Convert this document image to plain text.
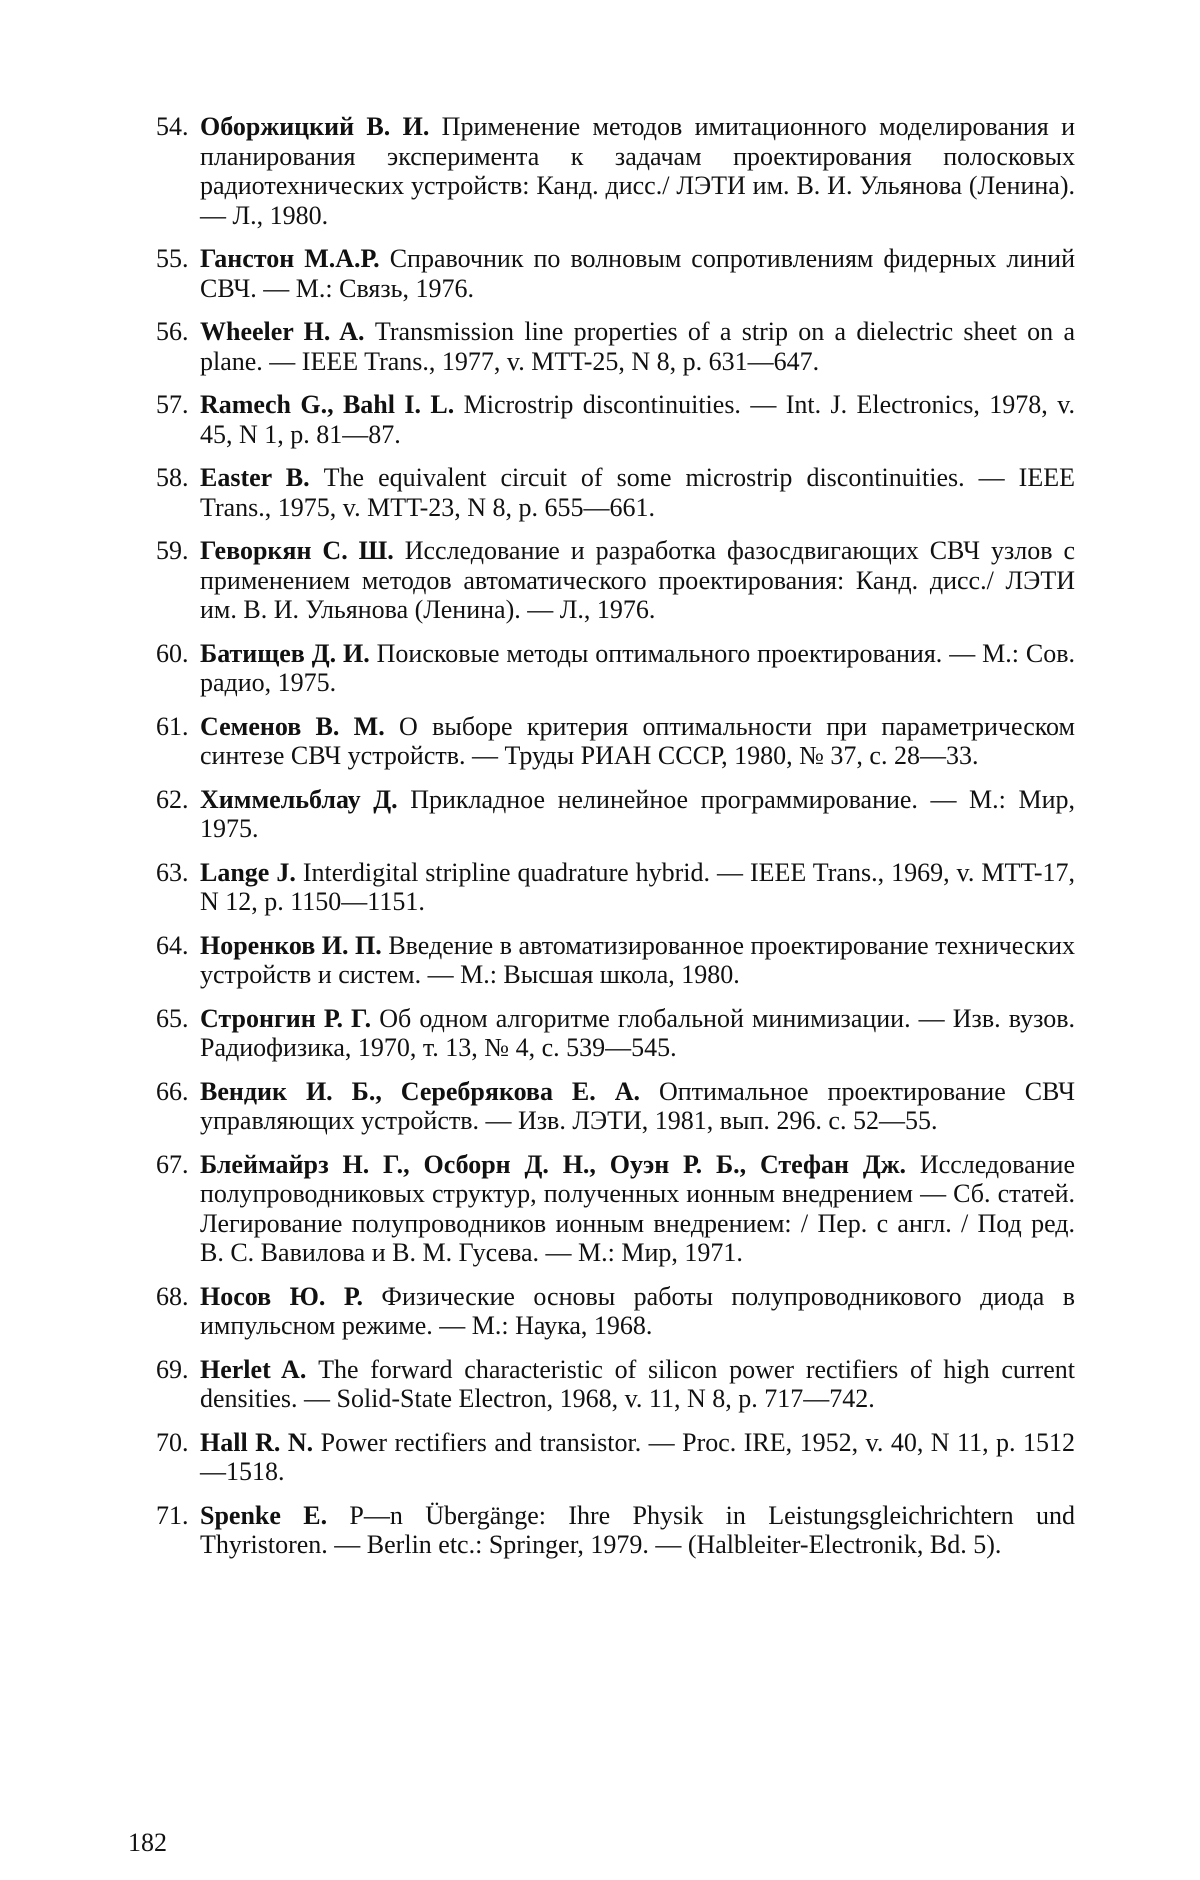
54. Оборжицкий В. И. Применение методов имитационного моделирования и планирования эксперимента к задачам проектирования полосковых радиотехнических устройств: Канд. дисс./ ЛЭТИ им. В. И. Ульянова (Ленина). — Л., 1980.
55. Ганстон М.А.Р. Справочник по волновым сопротивлениям фидерных линий СВЧ. — М.: Связь, 1976.
56. Wheeler H. A. Transmission line properties of a strip on a dielectric sheet on a plane. — IEEE Trans., 1977, v. MTT-25, N 8, p. 631—647.
57. Ramech G., Bahl I. L. Microstrip discontinuities. — Int. J. Electronics, 1978, v. 45, N 1, p. 81—87.
58. Easter B. The equivalent circuit of some microstrip discontinuities. — IEEE Trans., 1975, v. MTT-23, N 8, p. 655—661.
59. Геворкян С. Ш. Исследование и разработка фазосдвигающих СВЧ узлов с применением методов автоматического проектирования: Канд. дисс./ ЛЭТИ им. В. И. Ульянова (Ленина). — Л., 1976.
60. Батищев Д. И. Поисковые методы оптимального проектирования. — М.: Сов. радио, 1975.
61. Семенов В. М. О выборе критерия оптимальности при параметрическом синтезе СВЧ устройств. — Труды РИАН СССР, 1980, № 37, с. 28—33.
62. Химмельблау Д. Прикладное нелинейное программирование. — М.: Мир, 1975.
63. Lange J. Interdigital stripline quadrature hybrid. — IEEE Trans., 1969, v. MTT-17, N 12, p. 1150—1151.
64. Норенков И. П. Введение в автоматизированное проектирование технических устройств и систем. — М.: Высшая школа, 1980.
65. Стронгин Р. Г. Об одном алгоритме глобальной минимизации. — Изв. вузов. Радиофизика, 1970, т. 13, № 4, с. 539—545.
66. Вендик И. Б., Серебрякова Е. А. Оптимальное проектирование СВЧ управляющих устройств. — Изв. ЛЭТИ, 1981, вып. 296. с. 52—55.
67. Блеймайрз Н. Г., Осборн Д. Н., Оуэн Р. Б., Стефан Дж. Исследование полупроводниковых структур, полученных ионным внедрением — Сб. статей. Легирование полупроводников ионным внедрением: / Пер. с англ. / Под ред. В. С. Вавилова и В. М. Гусева. — М.: Мир, 1971.
68. Носов Ю. Р. Физические основы работы полупроводникового диода в импульсном режиме. — М.: Наука, 1968.
69. Herlet A. The forward characteristic of silicon power rectifiers of high current densities. — Solid-State Electron, 1968, v. 11, N 8, p. 717—742.
70. Hall R. N. Power rectifiers and transistor. — Proc. IRE, 1952, v. 40, N 11, p. 1512—1518.
71. Spenke E. P—n Übergänge: Ihre Physik in Leistungsgleichrichtern und Thyristoren. — Berlin etc.: Springer, 1979. — (Halbleiter-Electronik, Bd. 5).
182
